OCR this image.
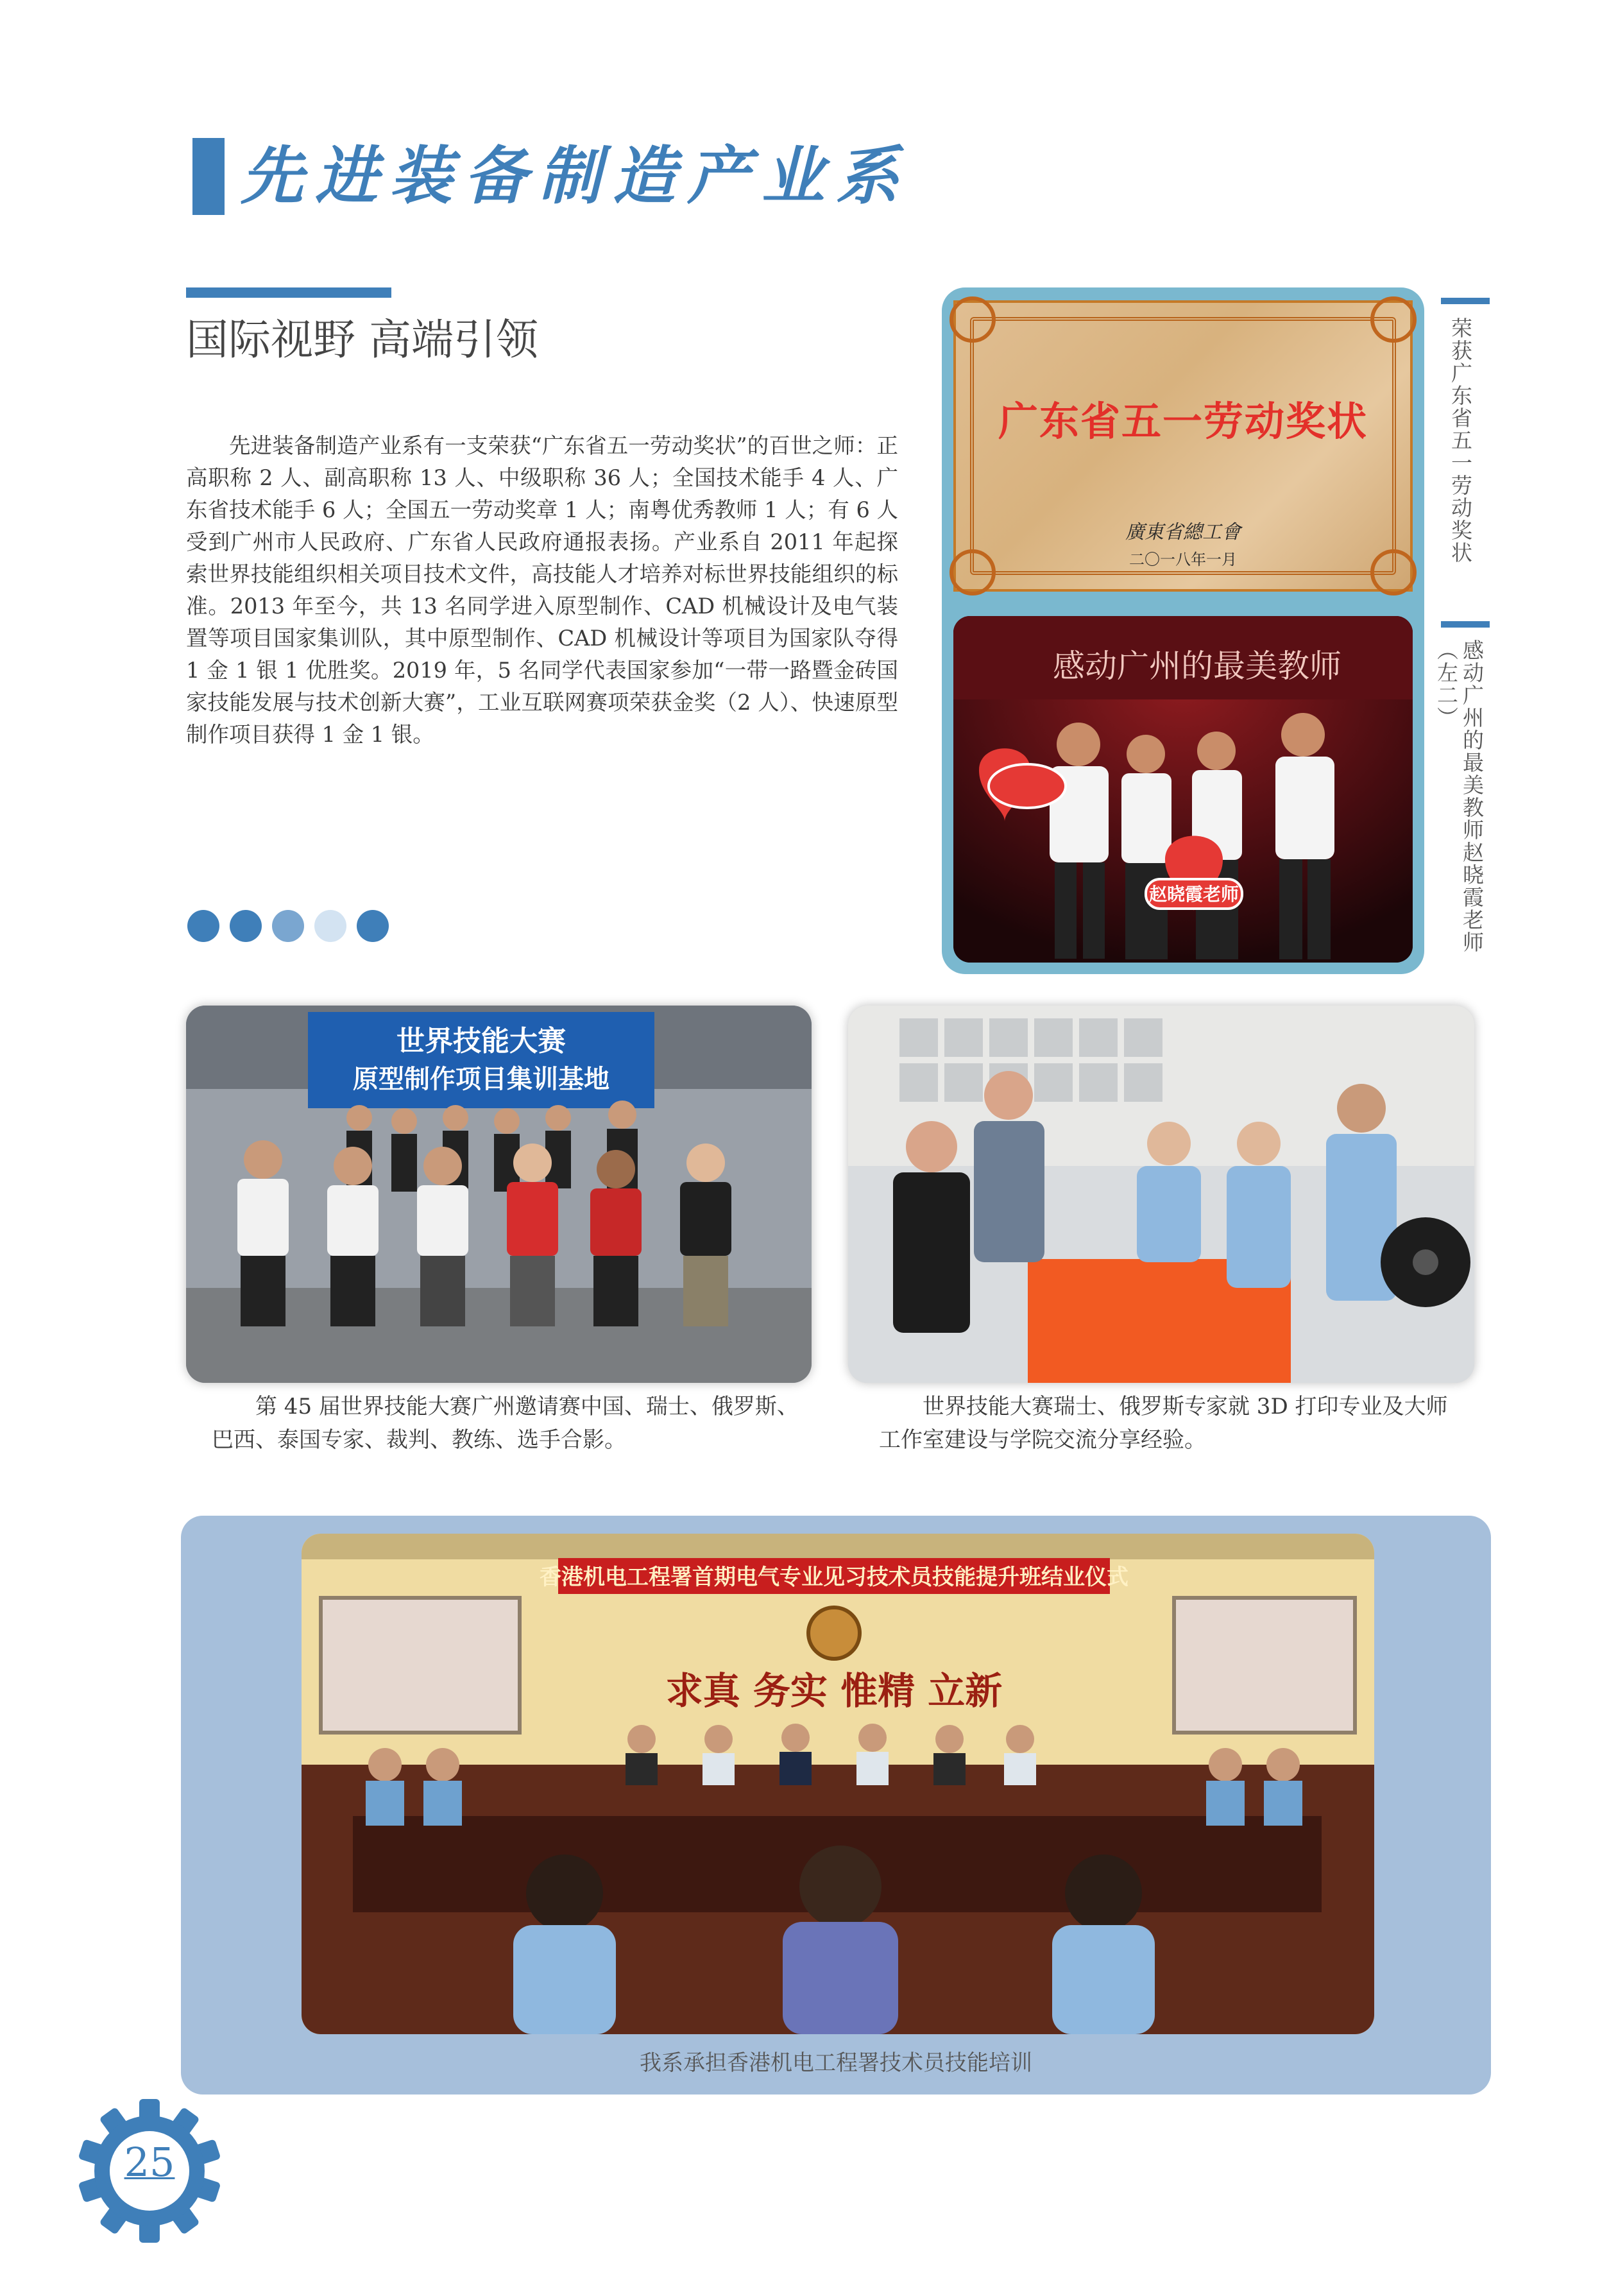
先进装备制造产业系
国际视野 高端引领
先进装备制造产业系有一支荣获“广东省五一劳动奖状”的百世之师：正高职称 2 人、副高职称 13 人、中级职称 36 人；全国技术能手 4 人、广东省技术能手 6 人；全国五一劳动奖章 1 人；南粤优秀教师 1 人；有 6 人受到广州市人民政府、广东省人民政府通报表扬。产业系自 2011 年起探索世界技能组织相关项目技术文件，高技能人才培养对标世界技能组织的标准。2013 年至今，共 13 名同学进入原型制作、CAD 机械设计及电气装置等项目国家集训队，其中原型制作、CAD 机械设计等项目为国家队夺得 1 金 1 银 1 优胜奖。2019 年，5 名同学代表国家参加“一带一路暨金砖国家技能发展与技术创新大赛”，工业互联网赛项荣获金奖（2 人）、快速原型制作项目获得 1 金 1 银。
广东省五一劳动奖状
廣東省總工會
二〇一八年一月
感动广州的最美教师
赵晓霞老师
荣获广东省五一劳动奖状
感动广州的最美教师赵晓霞老师（左二）
世界技能大赛
原型制作项目集训基地
第 45 届世界技能大赛广州邀请赛中国、瑞士、俄罗斯、巴西、泰国专家、裁判、教练、选手合影。
世界技能大赛瑞士、俄罗斯专家就 3D 打印专业及大师工作室建设与学院交流分享经验。
香港机电工程署首期电气专业见习技术员技能提升班结业仪式
求真 务实 惟精 立新
我系承担香港机电工程署技术员技能培训
25
